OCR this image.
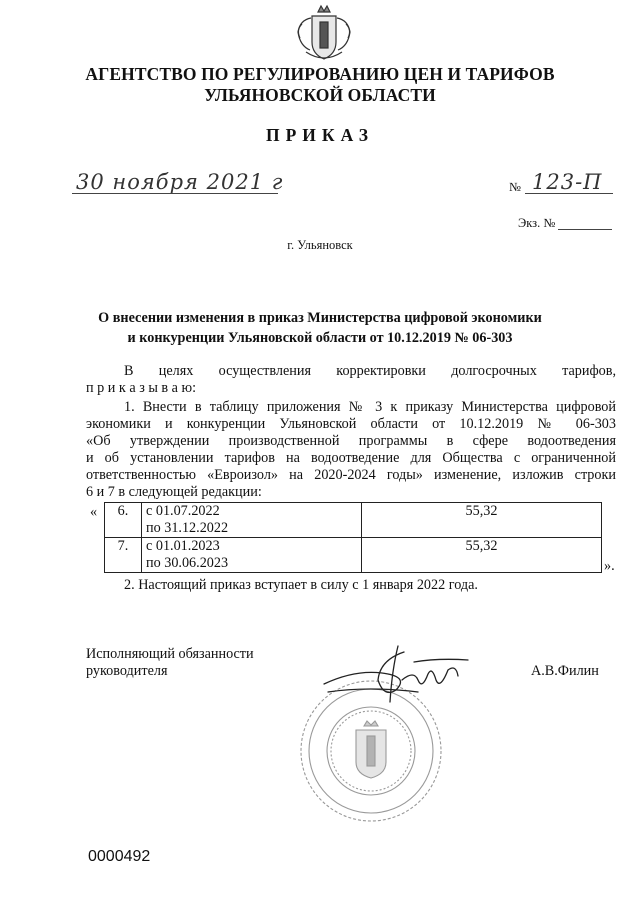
АГЕНТСТВО ПО РЕГУЛИРОВАНИЮ ЦЕН И ТАРИФОВ
УЛЬЯНОВСКОЙ ОБЛАСТИ
ПРИКАЗ
30 ноября 2021 г	№ 123-П
Экз. №
г. Ульяновск
О внесении изменения в приказ Министерства цифровой экономики
и конкуренции Ульяновской области от 10.12.2019 № 06-303
В целях осуществления корректировки долгосрочных тарифов,
п р и к а з ы в а ю:
1. Внести в таблицу приложения № 3 к приказу Министерства цифровой
экономики и конкуренции Ульяновской области от 10.12.2019 № 06-303
«Об утверждении производственной программы в сфере водоотведения
и об установлении тарифов на водоотведение для Общества с ограниченной
ответственностью «Евроизол» на 2020-2024 годы» изменение, изложив строки
6 и 7 в следующей редакции:
« 6.	с 01.07.2022
по 31.12.2022	55,32
7.	с 01.01.2023
по 30.06.2023	55,32
».
2. Настоящий приказ вступает в силу с 1 января 2022 года.
Исполняющий обязанности
руководителя	А.В.Филин
0000492
